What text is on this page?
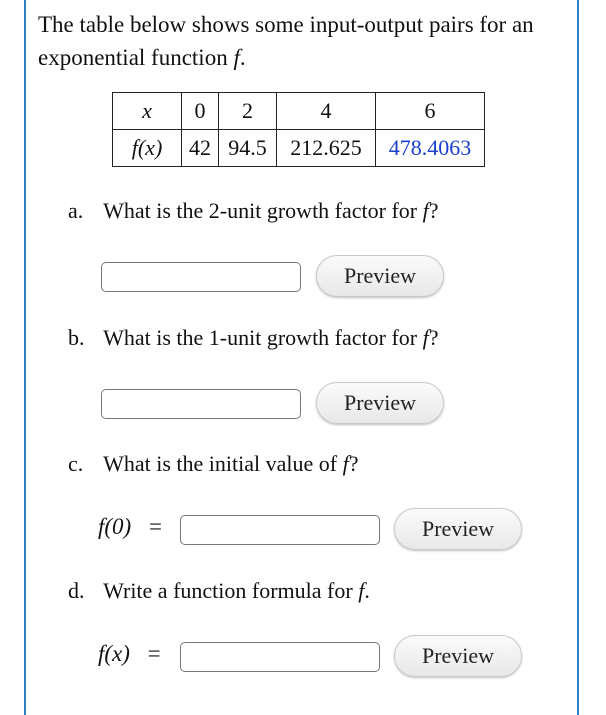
The table below shows some input-output pairs for an exponential function f.
x	0	2	4	6
f(x)	42	94.5	212.625	478.4063
a. What is the 2-unit growth factor for f?
Preview
b. What is the 1-unit growth factor for f?
Preview
c. What is the initial value of f?
f(0) =	Preview
d. Write a function formula for f.
f(x) =	Preview
